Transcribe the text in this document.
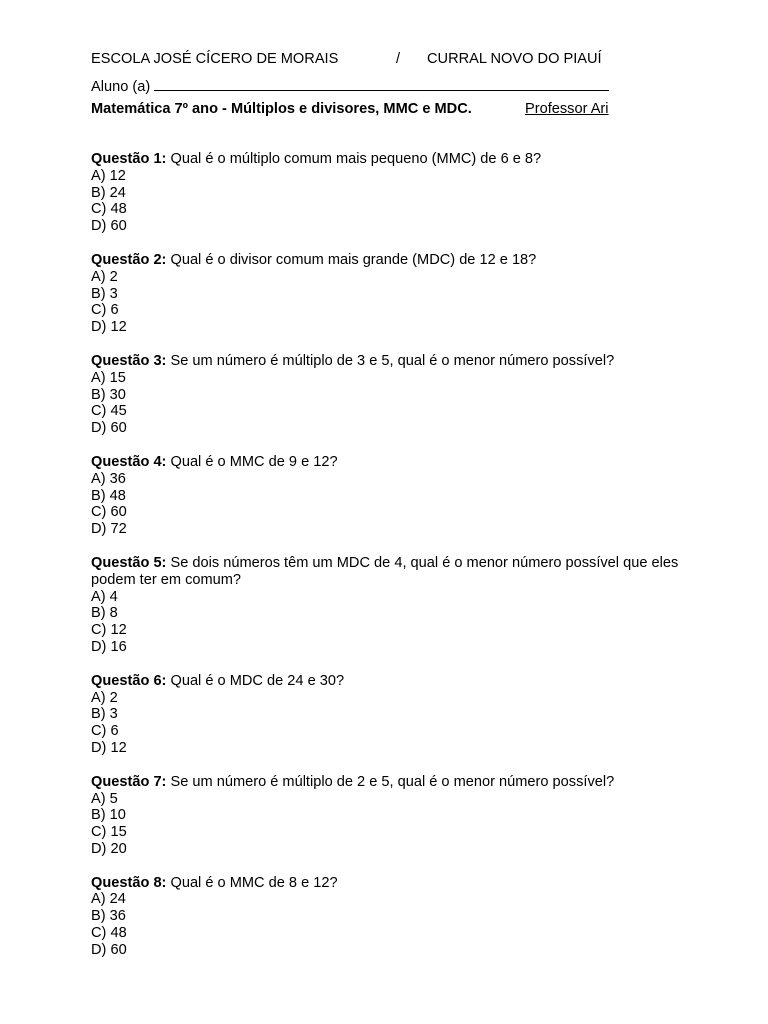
ESCOLA JOSÉ CÍCERO DE MORAIS	/ CURRAL NOVO DO PIAUÍ
Aluno (a)
Matemática 7º ano - Múltiplos e divisores, MMC e MDC.	Professor Ari
Questão 1: Qual é o múltiplo comum mais pequeno (MMC) de 6 e 8?
A) 12
B) 24
C) 48
D) 60
Questão 2: Qual é o divisor comum mais grande (MDC) de 12 e 18?
A) 2
B) 3
C) 6
D) 12
Questão 3: Se um número é múltiplo de 3 e 5, qual é o menor número possível?
A) 15
B) 30
C) 45
D) 60
Questão 4: Qual é o MMC de 9 e 12?
A) 36
B) 48
C) 60
D) 72
Questão 5: Se dois números têm um MDC de 4, qual é o menor número possível que eles podem ter em comum?
A) 4
B) 8
C) 12
D) 16
Questão 6: Qual é o MDC de 24 e 30?
A) 2
B) 3
C) 6
D) 12
Questão 7: Se um número é múltiplo de 2 e 5, qual é o menor número possível?
A) 5
B) 10
C) 15
D) 20
Questão 8: Qual é o MMC de 8 e 12?
A) 24
B) 36
C) 48
D) 60
